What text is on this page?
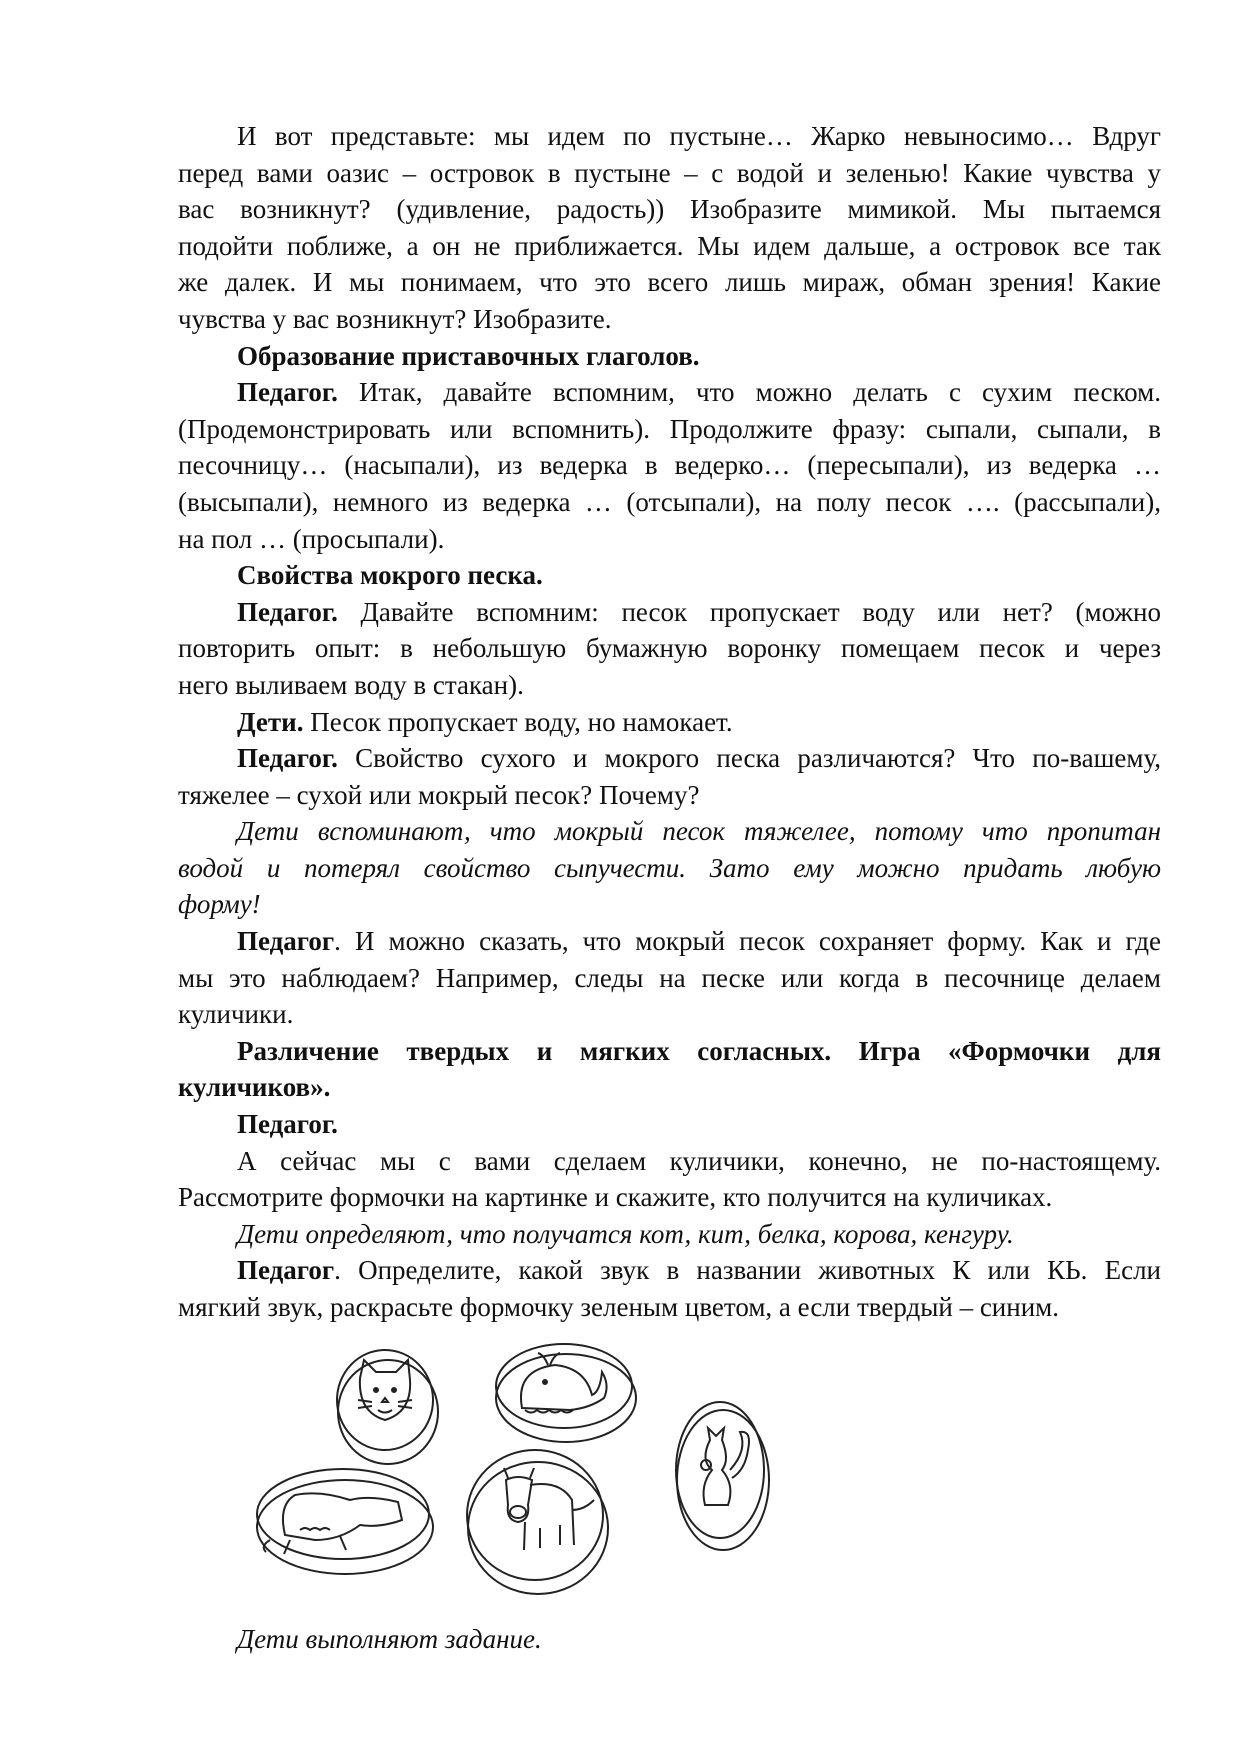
И вот представьте: мы идем по пустыне… Жарко невыносимо… Вдруг
перед вами оазис – островок в пустыне – с водой и зеленью! Какие чувства у
вас возникнут? (удивление, радость)) Изобразите мимикой. Мы пытаемся
подойти поближе, а он не приближается. Мы идем дальше, а островок все так
же далек. И мы понимаем, что это всего лишь мираж, обман зрения! Какие
чувства у вас возникнут? Изобразите.
Образование приставочных глаголов.
Педагог. Итак, давайте вспомним, что можно делать с сухим песком.
(Продемонстрировать или вспомнить). Продолжите фразу: сыпали, сыпали, в
песочницу… (насыпали), из ведерка в ведерко… (пересыпали), из ведерка …
(высыпали), немного из ведерка … (отсыпали), на полу песок …. (рассыпали),
на пол … (просыпали).
Свойства мокрого песка.
Педагог. Давайте вспомним: песок пропускает воду или нет? (можно
повторить опыт: в небольшую бумажную воронку помещаем песок и через
него выливаем воду в стакан).
Дети. Песок пропускает воду, но намокает.
Педагог. Свойство сухого и мокрого песка различаются? Что по-вашему,
тяжелее – сухой или мокрый песок? Почему?
Дети вспоминают, что мокрый песок тяжелее, потому что пропитан
водой и потерял свойство сыпучести. Зато ему можно придать любую
форму!
Педагог. И можно сказать, что мокрый песок сохраняет форму. Как и где
мы это наблюдаем? Например, следы на песке или когда в песочнице делаем
куличики.
Различение твердых и мягких согласных. Игра «Формочки для
куличиков».
Педагог.
А сейчас мы с вами сделаем куличики, конечно, не по-настоящему.
Рассмотрите формочки на картинке и скажите, кто получится на куличиках.
Дети определяют, что получатся кот, кит, белка, корова, кенгуру.
Педагог. Определите, какой звук в названии животных К или КЬ. Если
мягкий звук, раскрасьте формочку зеленым цветом, а если твердый – синим.
Дети выполняют задание.
